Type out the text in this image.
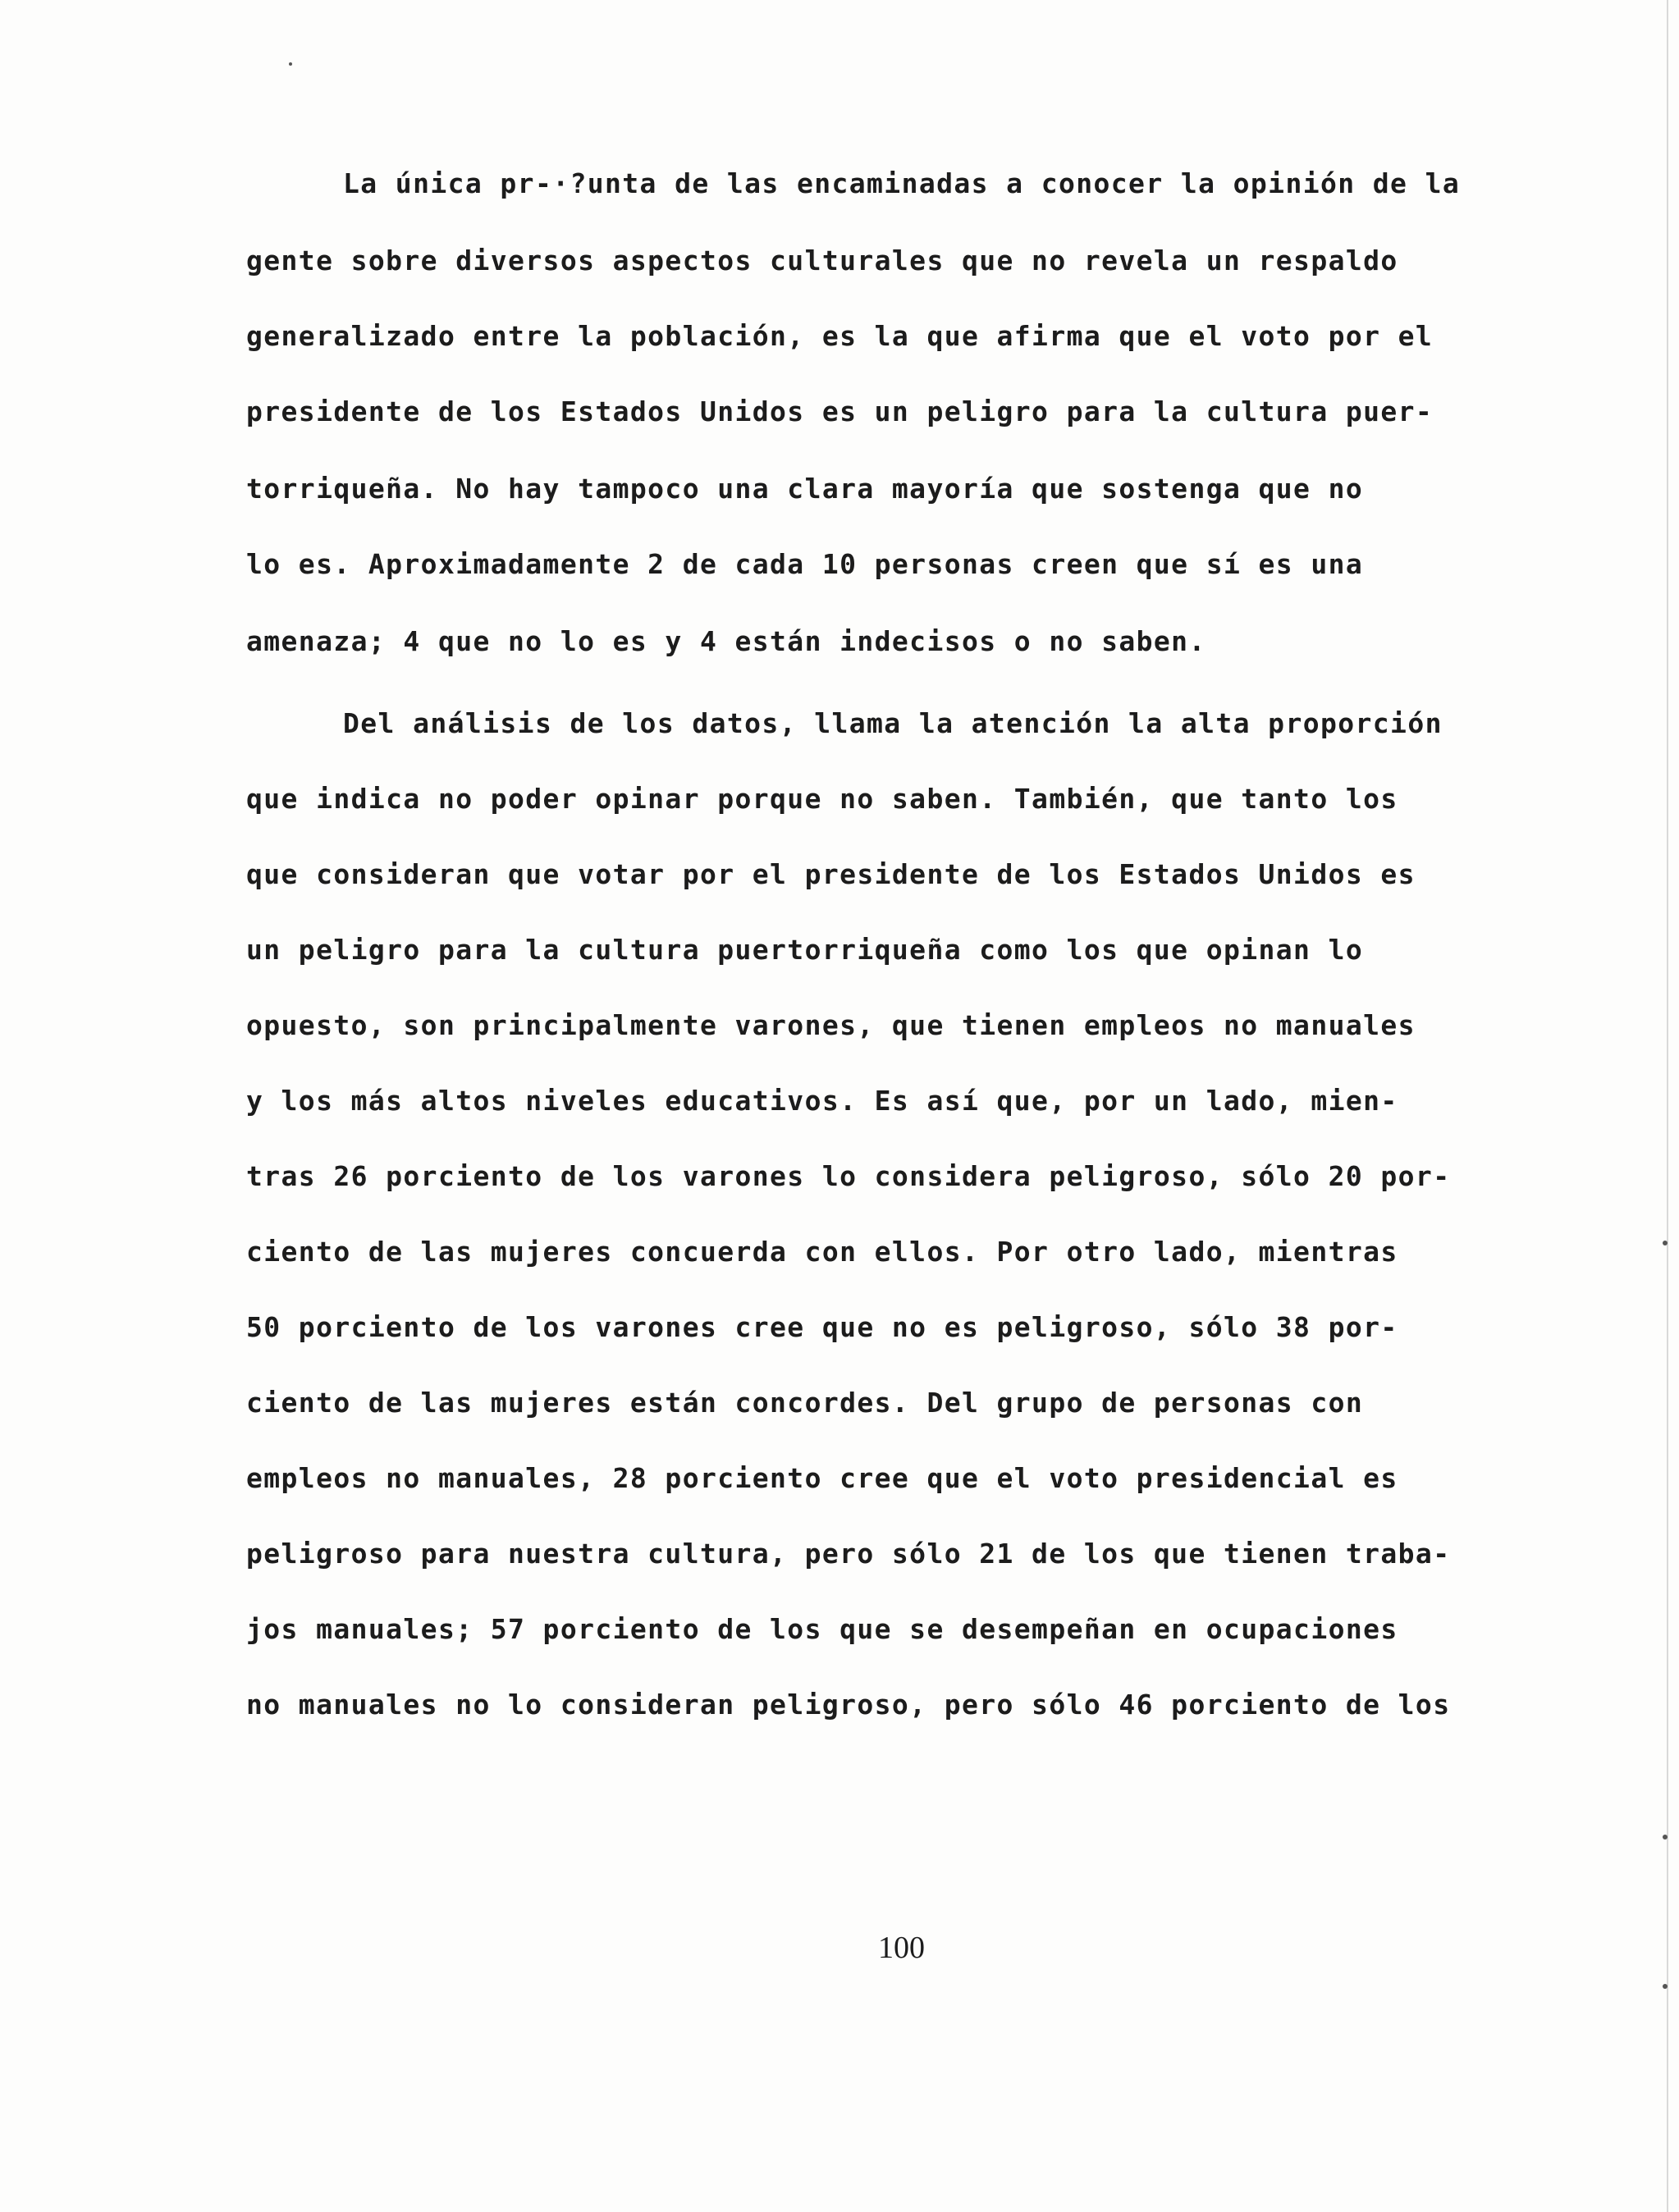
La única pr-·?unta de las encaminadas a conocer la opinión de la
gente sobre diversos aspectos culturales que no revela un respaldo
generalizado entre la población, es la que afirma que el voto por el
presidente de los Estados Unidos es un peligro para la cultura puer-
torriqueña. No hay tampoco una clara mayoría que sostenga que no
lo es. Aproximadamente 2 de cada 10 personas creen que sí es una
amenaza; 4 que no lo es y 4 están indecisos o no saben.
Del análisis de los datos, llama la atención la alta proporción
que indica no poder opinar porque no saben. También, que tanto los
que consideran que votar por el presidente de los Estados Unidos es
un peligro para la cultura puertorriqueña como los que opinan lo
opuesto, son principalmente varones, que tienen empleos no manuales
y los más altos niveles educativos. Es así que, por un lado, mien-
tras 26 porciento de los varones lo considera peligroso, sólo 20 por-
ciento de las mujeres concuerda con ellos. Por otro lado, mientras
50 porciento de los varones cree que no es peligroso, sólo 38 por-
ciento de las mujeres están concordes. Del grupo de personas con
empleos no manuales, 28 porciento cree que el voto presidencial es
peligroso para nuestra cultura, pero sólo 21 de los que tienen traba-
jos manuales; 57 porciento de los que se desempeñan en ocupaciones
no manuales no lo consideran peligroso, pero sólo 46 porciento de los
100
